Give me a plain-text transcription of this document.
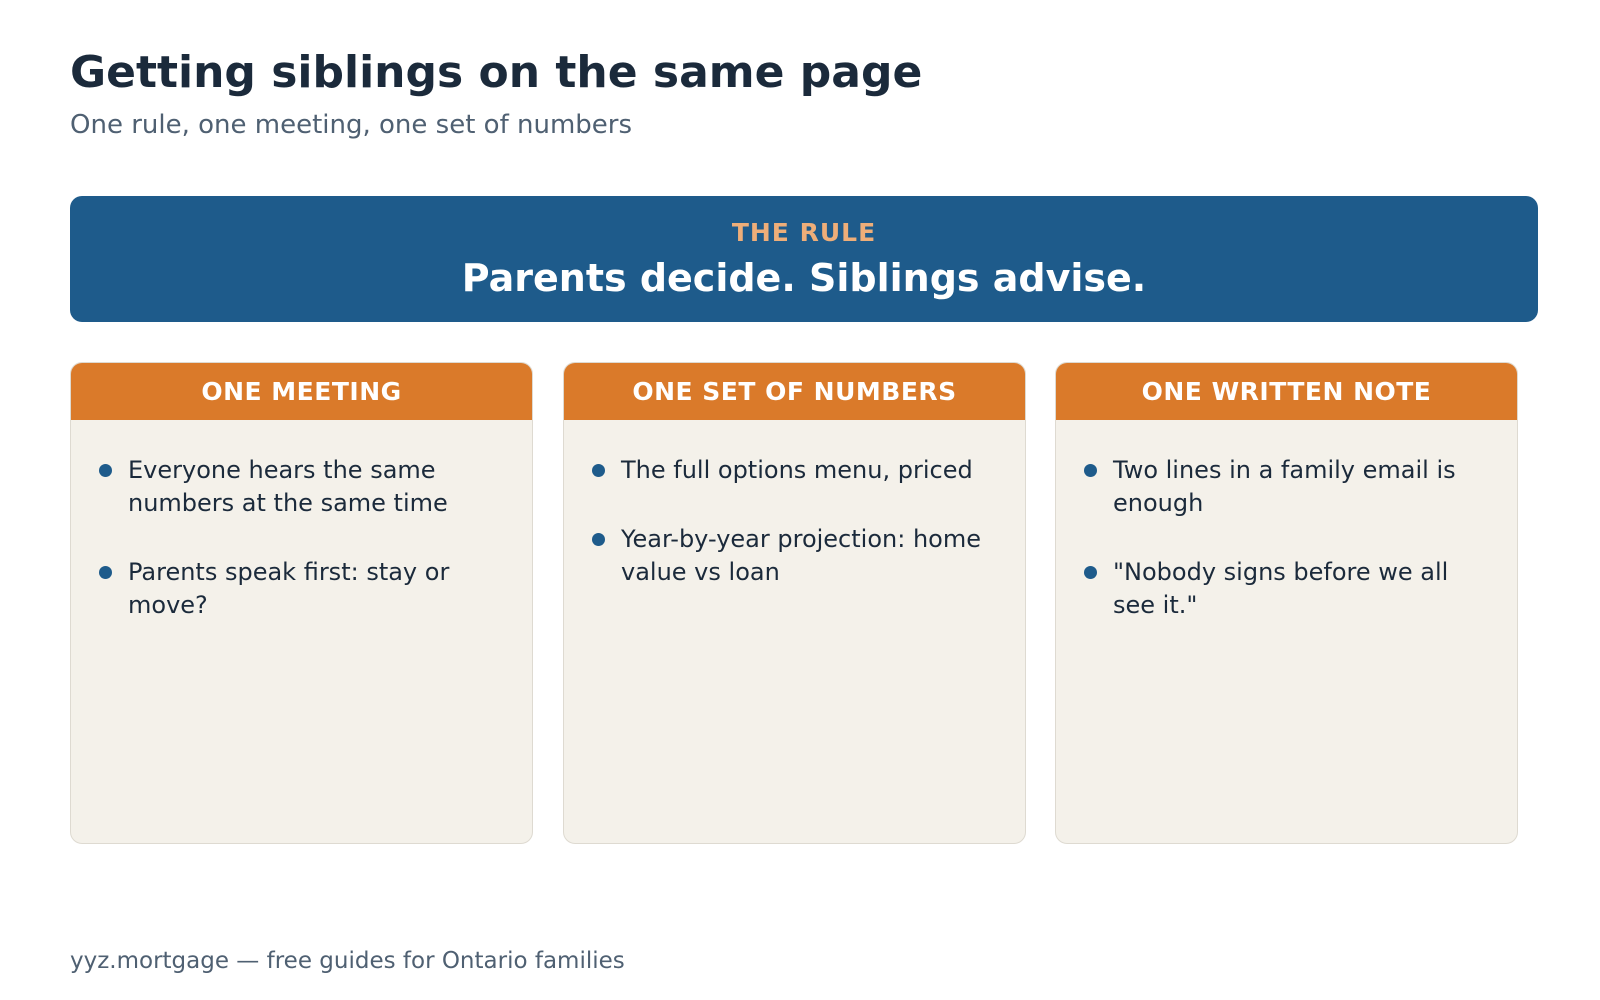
Getting siblings on the same page
One rule, one meeting, one set of numbers
THE RULE
Parents decide. Siblings advise.
ONE MEETING
Everyone hears the same numbers at the same time
Parents speak first: stay or move?
ONE SET OF NUMBERS
The full options menu, priced
Year-by-year projection: home value vs loan
ONE WRITTEN NOTE
Two lines in a family email is enough
"Nobody signs before we all see it."
yyz.mortgage — free guides for Ontario families
